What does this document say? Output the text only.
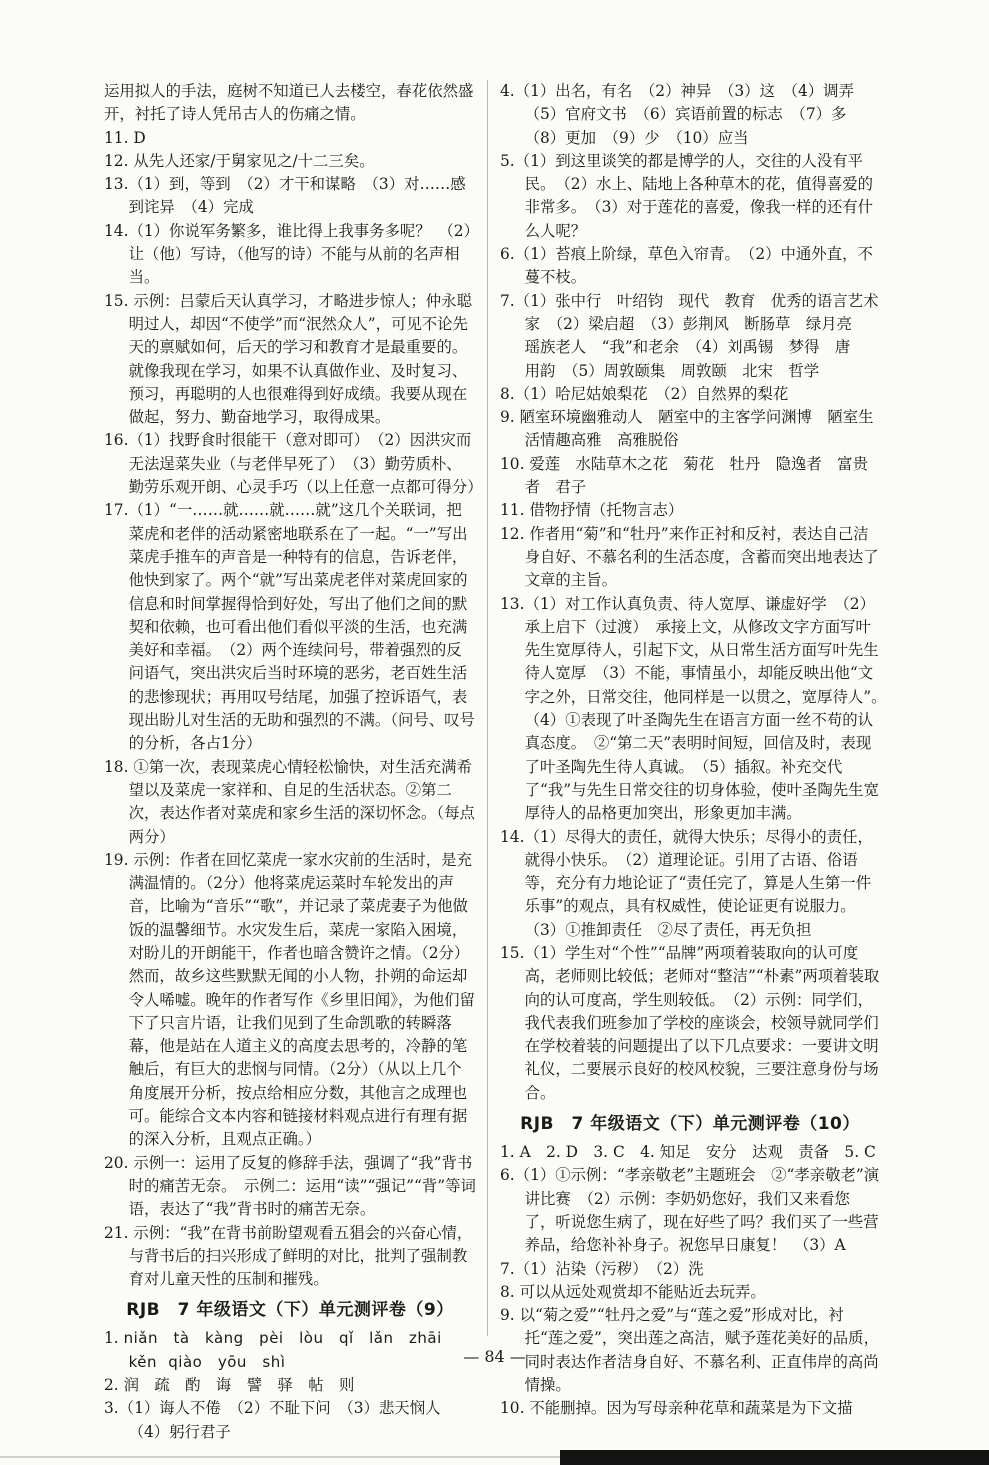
运用拟人的手法，庭树不知道已人去楼空，春花依然盛开，衬托了诗人凭吊古人的伤痛之情。

11. D

12. 从先人还家/于舅家见之/十二三矣。

13.（1）到，等到　（2）才干和谋略　（3）对……感到诧异　（4）完成

14.（1）你说军务繁多，谁比得上我事务多呢？　（2）让（他）写诗，（他写的诗）不能与从前的名声相当。

15. 示例：吕蒙后天认真学习，才略进步惊人；仲永聪明过人，却因“不使学”而“泯然众人”，可见不论先天的禀赋如何，后天的学习和教育才是最重要的。就像我现在学习，如果不认真做作业、及时复习、预习，再聪明的人也很难得到好成绩。我要从现在做起，努力、勤奋地学习，取得成果。

16.（1）找野食时很能干（意对即可）　（2）因洪灾而无法逞菜失业（与老伴早死了）　（3）勤劳质朴、勤劳乐观开朗、心灵手巧（以上任意一点都可得分）

17.（1）“一……就……就……就”这几个关联词，把菜虎和老伴的活动紧密地联系在了一起。“一”写出菜虎手推车的声音是一种特有的信息，告诉老伴，他快到家了。两个“就”写出菜虎老伴对菜虎回家的信息和时间掌握得恰到好处，写出了他们之间的默契和依赖，也可看出他们看似平淡的生活，也充满美好和幸福。　（2）两个连续问号，带着强烈的反问语气，突出洪灾后当时环境的恶劣，老百姓生活的悲惨现状；再用叹号结尾，加强了控诉语气，表现出盼儿对生活的无助和强烈的不满。（问号、叹号的分析，各占1分）

18. ①第一次，表现菜虎心情轻松愉快，对生活充满希望以及菜虎一家祥和、自足的生活状态。②第二次，表达作者对菜虎和家乡生活的深切怀念。（每点两分）

19. 示例：作者在回忆菜虎一家水灾前的生活时，是充满温情的。（2分）他将菜虎运菜时车轮发出的声音，比喻为“音乐”“歌”，并记录了菜虎妻子为他做饭的温馨细节。水灾发生后，菜虎一家陷入困境，对盼儿的开朗能干，作者也暗含赞许之情。（2分）然而，故乡这些默默无闻的小人物，扑朔的命运却令人唏嘘。晚年的作者写作《乡里旧闻》，为他们留下了只言片语，让我们见到了生命凯歌的转瞬落幕，他是站在人道主义的高度去思考的，冷静的笔触后，有巨大的悲悯与同情。（2分）（从以上几个角度展开分析，按点给相应分数，其他言之成理也可。能综合文本内容和链接材料观点进行有理有据的深入分析，且观点正确。）

20. 示例一：运用了反复的修辞手法，强调了“我”背书时的痛苦无奈。　示例二：运用“读”“强记”“背”等词语，表达了“我”背书时的痛苦无奈。

21. 示例：“我”在背书前盼望观看五猖会的兴奋心情，与背书后的扫兴形成了鲜明的对比，批判了强制教育对儿童天性的压制和摧残。

RJB　7 年级语文（下）单元测评卷（9）

1. niǎn　tà　kàng　pèi　lòu　qǐ　lǎn　zhāi　kěn qiào　yōu　shì

2. 润　疏　酌　诲　譬　驿　帖　则

3.（1）诲人不倦　（2）不耻下问　（3）悲天悯人　（4）躬行君子

4.（1）出名，有名　（2）神异　（3）这　（4）调弄　（5）官府文书　（6）宾语前置的标志　（7）多　（8）更加　（9）少　（10）应当

5.（1）到这里谈笑的都是博学的人，交往的人没有平民。　（2）水上、陆地上各种草木的花，值得喜爱的非常多。　（3）对于莲花的喜爱，像我一样的还有什么人呢？

6.（1）苔痕上阶绿，草色入帘青。　（2）中通外直，不蔓不枝。

7.（1）张中行　叶绍钧　现代　教育　优秀的语言艺术家　（2）梁启超　（3）彭荆风　断肠草　绿月亮　瑶族老人　“我”和老余　（4）刘禹锡　梦得　唐　用韵　（5）周敦颐集　周敦颐　北宋　哲学

8.（1）哈尼姑娘梨花　（2）自然界的梨花

9. 陋室环境幽雅动人　陋室中的主客学问渊博　陋室生活情趣高雅　高雅脱俗

10. 爱莲　水陆草木之花　菊花　牡丹　隐逸者　富贵者　君子

11. 借物抒情（托物言志）

12. 作者用“菊”和“牡丹”来作正衬和反衬，表达自己洁身自好、不慕名利的生活态度，含蓄而突出地表达了文章的主旨。

13.（1）对工作认真负责、待人宽厚、谦虚好学　（2）承上启下（过渡）　承接上文，从修改文字方面写叶先生宽厚待人，引起下文，从日常生活方面写叶先生待人宽厚　（3）不能，事情虽小，却能反映出他“文字之外，日常交往，他同样是一以贯之，宽厚待人”。　（4）①表现了叶圣陶先生在语言方面一丝不苟的认真态度。　②“第二天”表明时间短，回信及时，表现了叶圣陶先生待人真诚。　（5）插叙。补充交代了“我”与先生日常交往的切身体验，使叶圣陶先生宽厚待人的品格更加突出，形象更加丰满。

14.（1）尽得大的责任，就得大快乐；尽得小的责任，就得小快乐。　（2）道理论证。引用了古语、俗语等，充分有力地论证了“责任完了，算是人生第一件乐事”的观点，具有权威性，使论证更有说服力。　（3）①推卸责任　②尽了责任，再无负担

15.（1）学生对“个性”“品牌”两项着装取向的认可度高，老师则比较低；老师对“整洁”“朴素”两项着装取向的认可度高，学生则较低。　（2）示例：同学们，我代表我们班参加了学校的座谈会，校领导就同学们在学校着装的问题提出了以下几点要求：一要讲文明礼仪，二要展示良好的校风校貌，三要注意身份与场合。

RJB　7 年级语文（下）单元测评卷（10）

1. A　2. D　3. C　4. 知足　安分　达观　责备　5. C

6.（1）①示例：“孝亲敬老”主题班会　②“孝亲敬老”演讲比赛　（2）示例：李奶奶您好，我们又来看您了，听说您生病了，现在好些了吗？我们买了一些营养品，给您补补身子。祝您早日康复！　（3）A

7.（1）沾染（污秽）　（2）洗

8. 可以从远处观赏却不能贴近去玩弄。

9. 以“菊之爱”“牡丹之爱”与“莲之爱”形成对比，衬托“莲之爱”，突出莲之高洁，赋予莲花美好的品质，同时表达作者洁身自好、不慕名利、正直伟岸的高尚情操。

10. 不能删掉。因为写母亲种花草和蔬菜是为下文描

— 84 —
